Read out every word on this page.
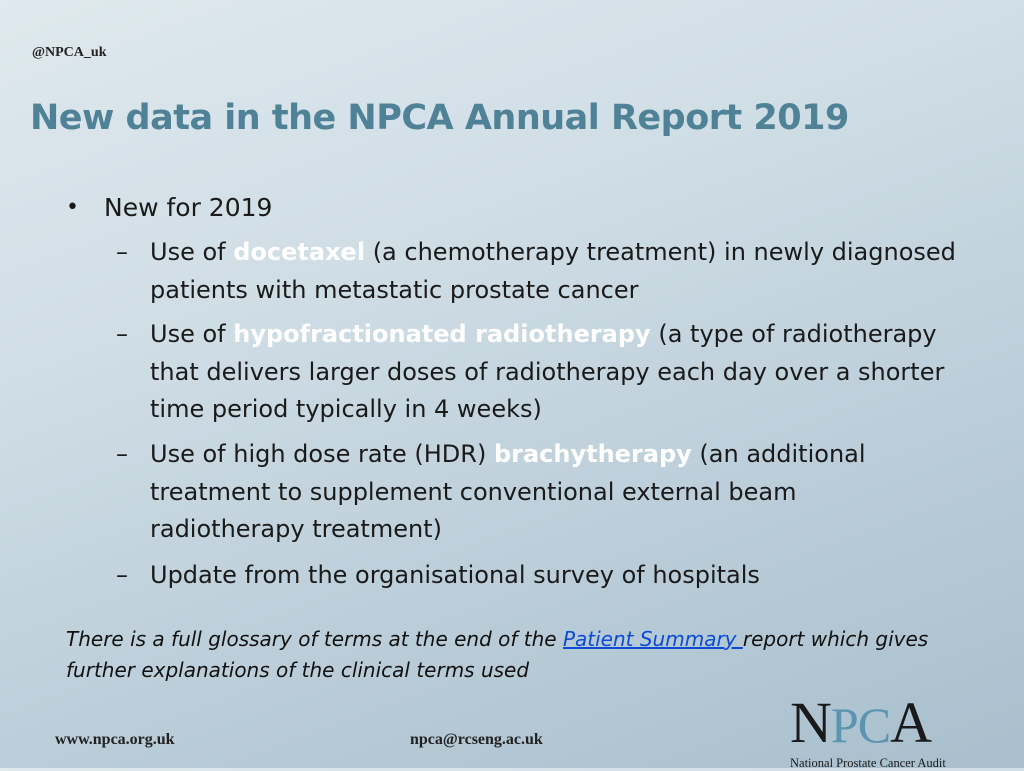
@NPCA_uk
New data in the NPCA Annual Report 2019
• New for 2019
– Use of docetaxel (a chemotherapy treatment) in newly diagnosed patients with metastatic prostate cancer
– Use of hypofractionated radiotherapy (a type of radiotherapy that delivers larger doses of radiotherapy each day over a shorter time period typically in 4 weeks)
– Use of high dose rate (HDR) brachytherapy (an additional treatment to supplement conventional external beam radiotherapy treatment)
– Update from the organisational survey of hospitals
There is a full glossary of terms at the end of the Patient Summary report which gives further explanations of the clinical terms used
www.npca.org.uk	npca@rcseng.ac.uk	NPCA
National Prostate Cancer Audit
